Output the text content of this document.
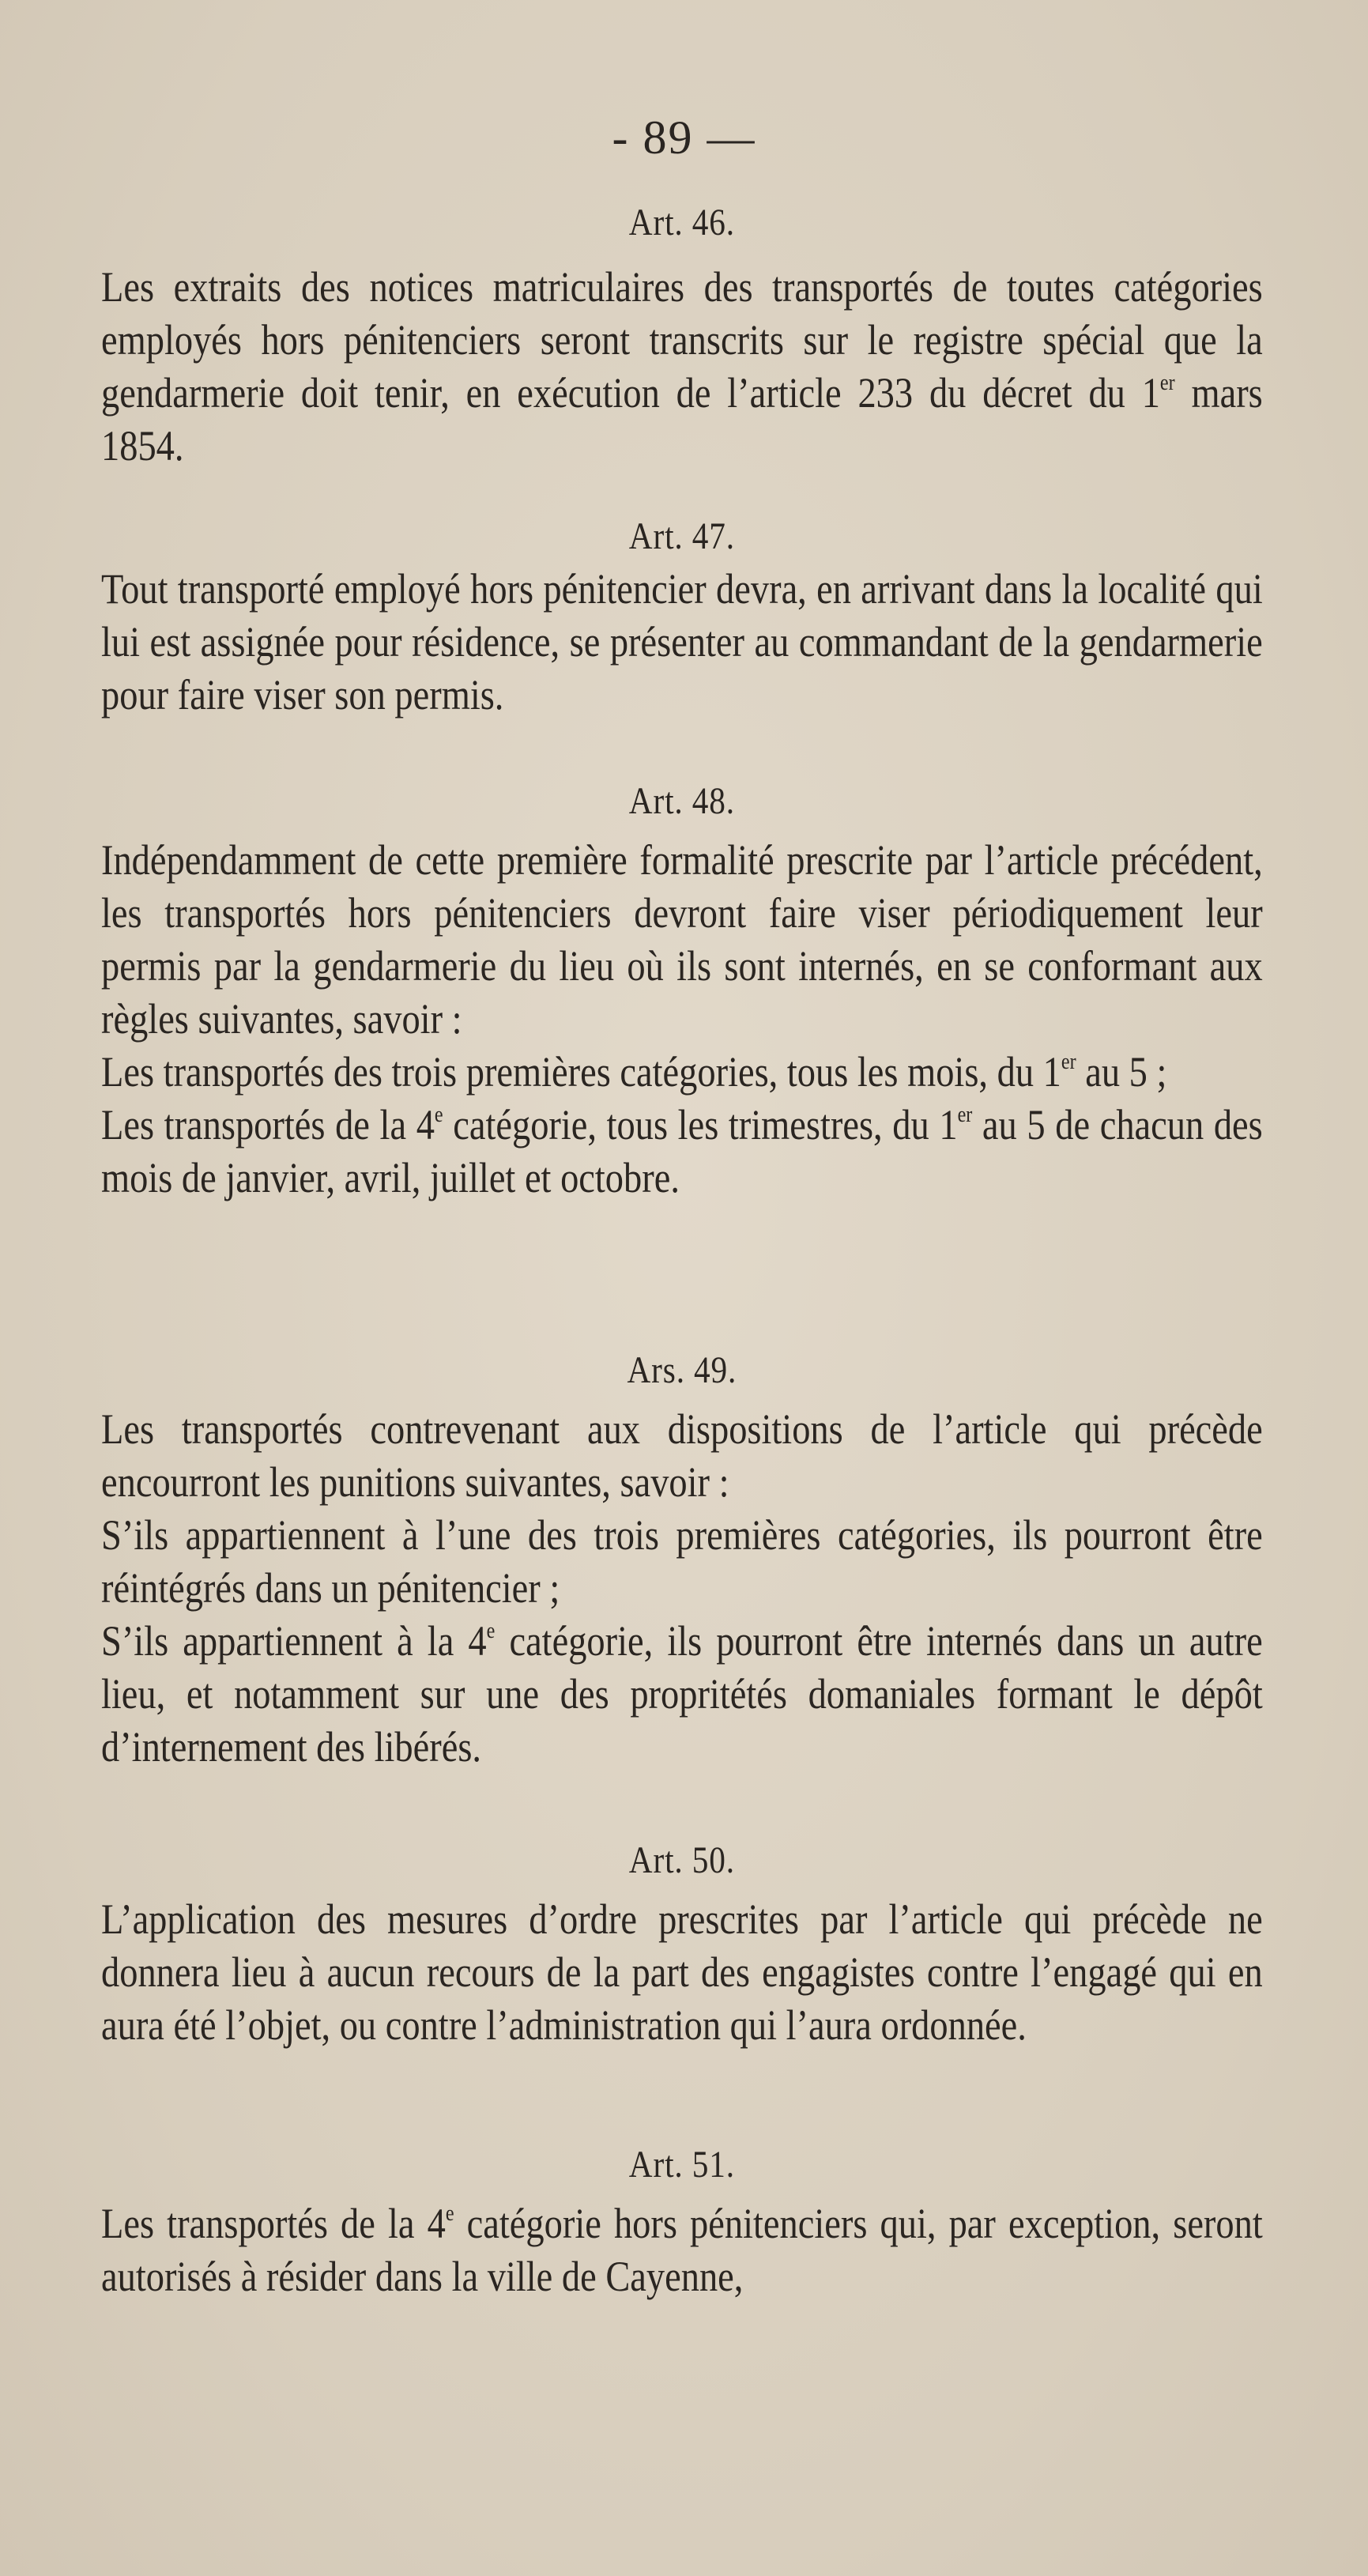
- 89 —
Art. 46.

Les extraits des notices matriculaires des transportés de toutes catégories employés hors pénitenciers seront transcrits sur le registre spécial que la gendarmerie doit tenir, en exécution de l’article 233 du décret du 1er mars 1854.

Art. 47.

Tout transporté employé hors pénitencier devra, en arrivant dans la localité qui lui est assignée pour résidence, se présenter au commandant de la gendarmerie pour faire viser son permis.

Art. 48.

Indépendamment de cette première formalité prescrite par l’article précédent, les transportés hors pénitenciers devront faire viser périodiquement leur permis par la gendarmerie du lieu où ils sont internés, en se conformant aux règles suivantes, savoir :

Les transportés des trois premières catégories, tous les mois, du 1er au 5 ;

Les transportés de la 4e catégorie, tous les trimestres, du 1er au 5 de chacun des mois de janvier, avril, juillet et octobre.

Ars. 49.

Les transportés contrevenant aux dispositions de l’article qui précède encourront les punitions suivantes, savoir :

S’ils appartiennent à l’une des trois premières catégories, ils pourront être réintégrés dans un pénitencier ;

S’ils appartiennent à la 4e catégorie, ils pourront être internés dans un autre lieu, et notamment sur une des propritétés domaniales formant le dépôt d’internement des libérés.

Art. 50.

L’application des mesures d’ordre prescrites par l’article qui précède ne donnera lieu à aucun recours de la part des engagistes contre l’engagé qui en aura été l’objet, ou contre l’administration qui l’aura ordonnée.

Art. 51.

Les transportés de la 4e catégorie hors pénitenciers qui, par exception, seront autorisés à résider dans la ville de Cayenne,
